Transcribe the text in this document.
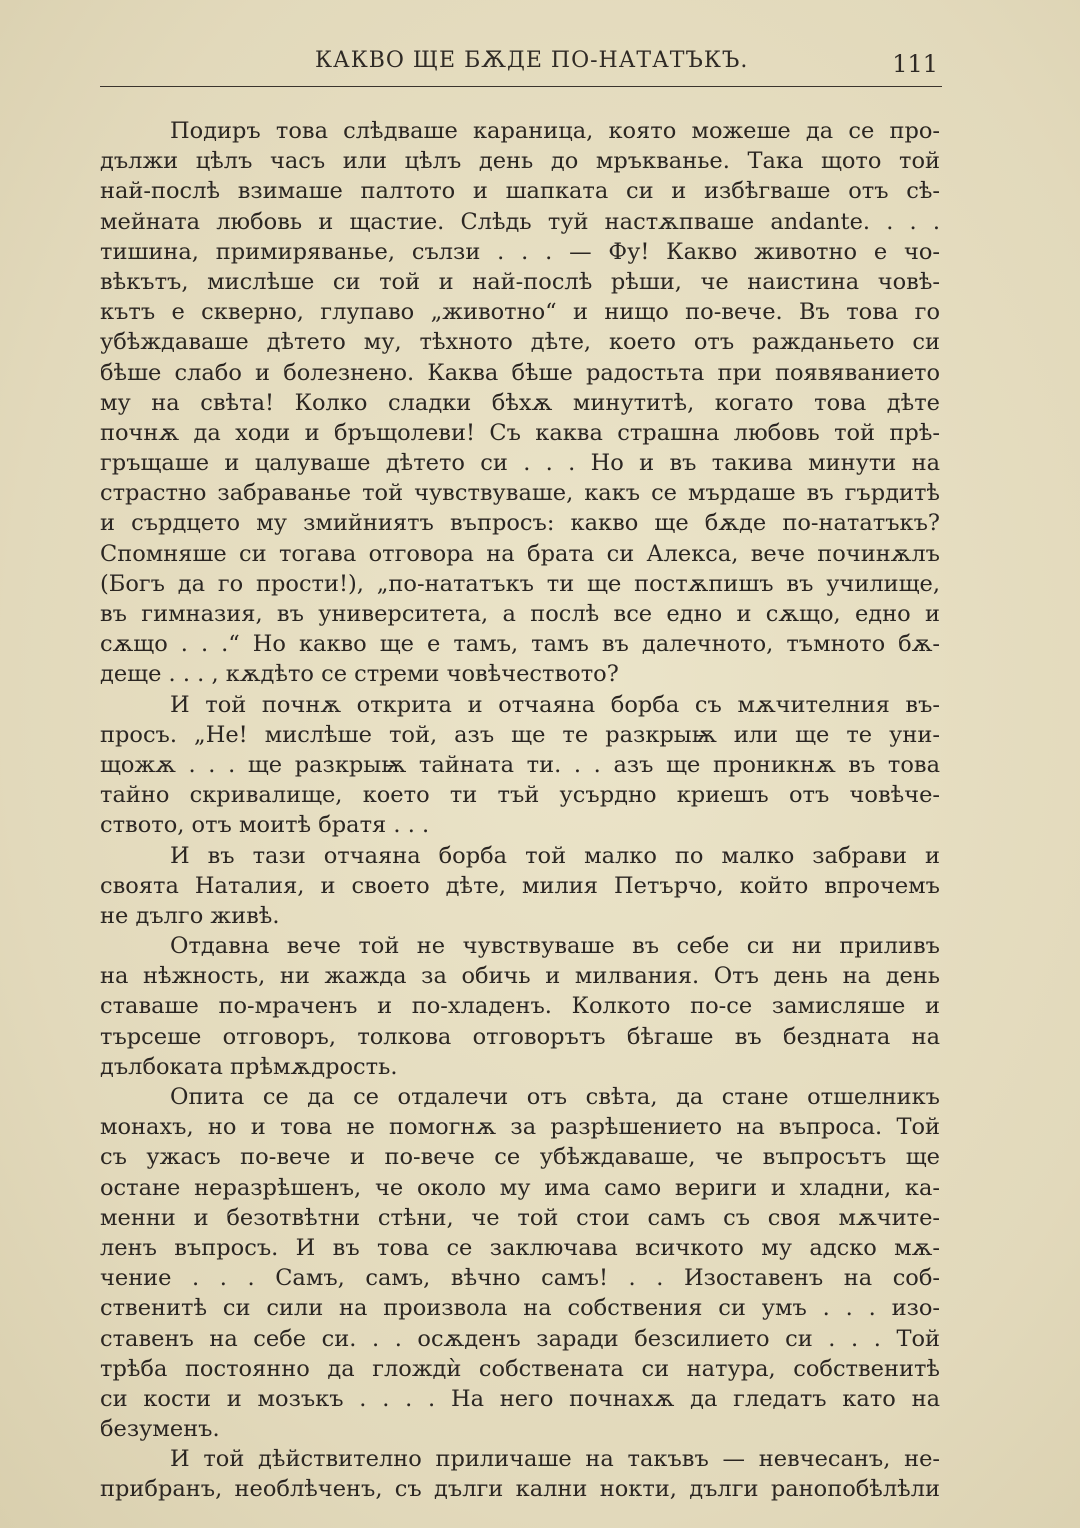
КАКВО ЩЕ БѪДЕ ПО-НАТАТЪКЪ.	111
Подиръ това слѣдваше караница, която можеше да се про-
дължи цѣлъ часъ или цѣлъ день до мръкванье. Така щото той
най-послѣ взимаше палтото и шапката си и избѣгваше отъ сѣ-
мейната любовь и щастие. Слѣдь туй настѫпваше andante. . . .
тишина, примиряванье, сълзи . . . — Фу! Какво животно е чо-
вѣкътъ, мислѣше си той и най-послѣ рѣши, че наистина човѣ-
кътъ е скверно, глупаво „животно“ и нищо по-вече. Въ това го
убѣждаваше дѣтето му, тѣхното дѣте, което отъ ражданьето си
бѣше слабо и болезнено. Каква бѣше радостьта при появяванието
му на свѣта! Колко сладки бѣхѫ минутитѣ, когато това дѣте
почнѫ да ходи и бръщолеви! Съ каква страшна любовь той прѣ-
гръщаше и цалуваше дѣтето си . . . Но и въ такива минути на
страстно забраванье той чувствуваше, какъ се мърдаше въ гърдитѣ
и сърдцето му змийниятъ въпросъ: какво ще бѫде по-нататъкъ?
Спомняше си тогава отговора на брата си Алекса, вече починѫлъ
(Богъ да го прости!), „по-нататъкъ ти ще постѫпишъ въ училище,
въ гимназия, въ университета, а послѣ все едно и сѫщо, едно и
сѫщо . . .“ Но какво ще е тамъ, тамъ въ далечното, тъмното бѫ-
деще . . . , кѫдѣто се стреми човѣчеството?
И той почнѫ открита и отчаяна борба съ мѫчителния въ-
просъ. „Не! мислѣше той, азъ ще те разкрыѭ или ще те уни-
щожѫ . . . ще разкрыѭ тайната ти. . . азъ ще проникнѫ въ това
тайно скривалище, което ти тъй усърдно криешъ отъ човѣче-
ството, отъ моитѣ братя . . .
И въ тази отчаяна борба той малко по малко забрави и
своята Наталия, и своето дѣте, милия Петърчо, който впрочемъ
не дълго живѣ.
Отдавна вече той не чувствуваше въ себе си ни приливъ
на нѣжность, ни жажда за обичь и милвания. Отъ день на день
ставаше по-мраченъ и по-хладенъ. Колкото по-се замисляше и
търсеше отговоръ, толкова отговорътъ бѣгаше въ бездната на
дълбоката прѣмѫдрость.
Опита се да се отдалечи отъ свѣта, да стане отшелникъ
монахъ, но и това не помогнѫ за разрѣшението на въпроса. Той
съ ужасъ по-вече и по-вече се убѣждаваше, че въпросътъ ще
остане неразрѣшенъ, че около му има само вериги и хладни, ка-
менни и безотвѣтни стѣни, че той стои самъ съ своя мѫчите-
ленъ въпросъ. И въ това се заключава всичкото му адско мѫ-
чение . . . Самъ, самъ, вѣчно самъ! . . Изоставенъ на соб-
ственитѣ си сили на произвола на собствения си умъ . . . изо-
ставенъ на себе си. . . осѫденъ заради безсилието си . . . Той
трѣба постоянно да глождѝ собствената си натура, собственитѣ
си кости и мозъкъ . . . . На него почнахѫ да гледатъ като на
безуменъ.
И той дѣйствително приличаше на такъвъ — невчесанъ, не-
прибранъ, необлѣченъ, съ дълги кални нокти, дълги ранопобѣлѣли
